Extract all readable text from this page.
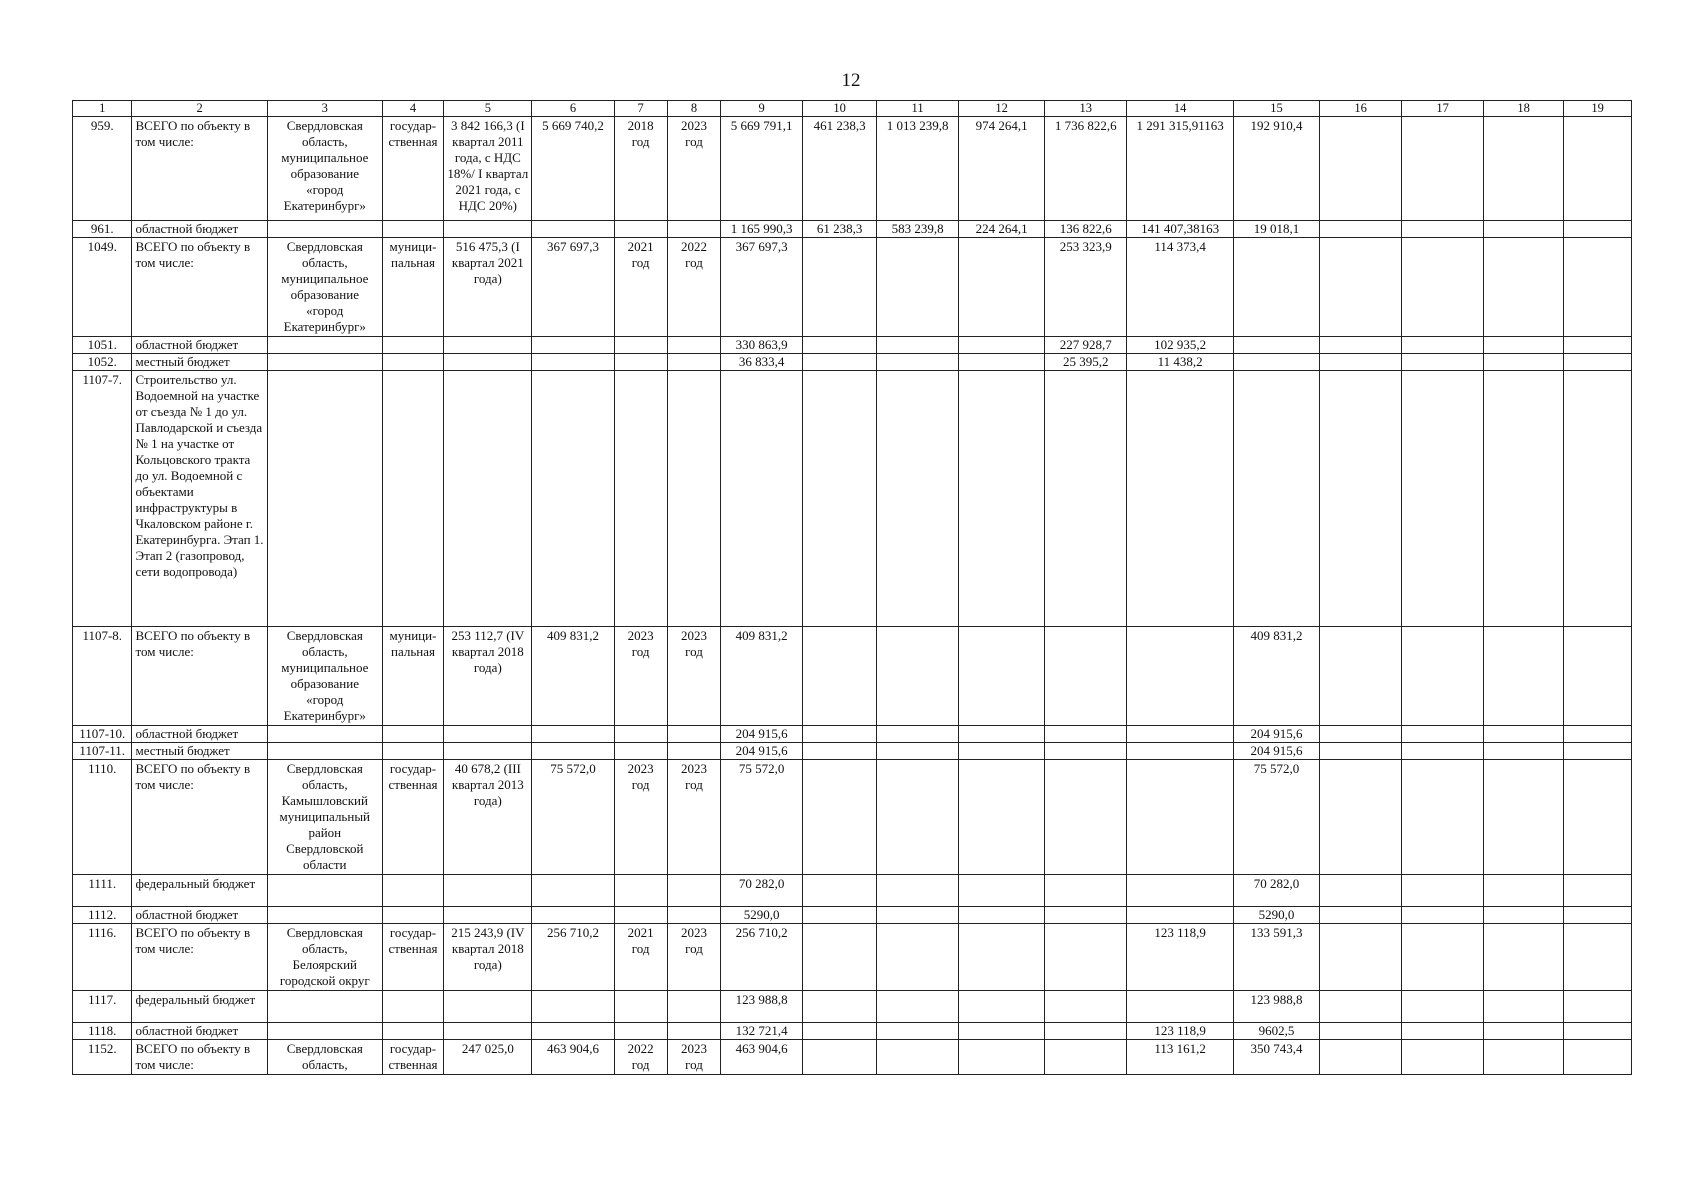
12
1	2	3	4	5	6	7	8	9	10	11	12	13	14	15	16	17	18	19
959.	ВСЕГО по объекту в том числе:	Свердловская область, муниципальное образование «город Екатеринбург»	государ-ственная	3 842 166,3 (I квартал 2011 года, с НДС 18%/ I квартал 2021 года, с НДС 20%)	5 669 740,2	2018 год	2023 год	5 669 791,1	461 238,3	1 013 239,8	974 264,1	1 736 822,6	1 291 315,91163	192 910,4				
961.	областной бюджет							1 165 990,3	61 238,3	583 239,8	224 264,1	136 822,6	141 407,38163	19 018,1				
1049.	ВСЕГО по объекту в том числе:	Свердловская область, муниципальное образование «город Екатеринбург»	муници-пальная	516 475,3 (I квартал 2021 года)	367 697,3	2021 год	2022 год	367 697,3				253 323,9	114 373,4					
1051.	областной бюджет							330 863,9				227 928,7	102 935,2					
1052.	местный бюджет							36 833,4				25 395,2	11 438,2					
1107-7.	Строительство ул. Водоемной на участке от съезда № 1 до ул. Павлодарской и съезда № 1 на участке от Кольцовского тракта до ул. Водоемной с объектами инфраструктуры в Чкаловском районе г. Екатеринбурга. Этап 1. Этап 2 (газопровод, сети водопровода)																	
1107-8.	ВСЕГО по объекту в том числе:	Свердловская область, муниципальное образование «город Екатеринбург»	муници-пальная	253 112,7 (IV квартал 2018 года)	409 831,2	2023 год	2023 год	409 831,2						409 831,2				
1107-10.	областной бюджет							204 915,6						204 915,6				
1107-11.	местный бюджет							204 915,6						204 915,6				
1110.	ВСЕГО по объекту в том числе:	Свердловская область, Камышловский муниципальный район Свердловской области	государ-ственная	40 678,2 (III квартал 2013 года)	75 572,0	2023 год	2023 год	75 572,0						75 572,0				
1111.	федеральный бюджет							70 282,0						70 282,0				
1112.	областной бюджет							5290,0						5290,0				
1116.	ВСЕГО по объекту в том числе:	Свердловская область, Белоярский городской округ	государ-ственная	215 243,9 (IV квартал 2018 года)	256 710,2	2021 год	2023 год	256 710,2					123 118,9	133 591,3				
1117.	федеральный бюджет							123 988,8						123 988,8				
1118.	областной бюджет							132 721,4					123 118,9	9602,5				
1152.	ВСЕГО по объекту в том числе:	Свердловская область,	государ-ственная	247 025,0	463 904,6	2022 год	2023 год	463 904,6					113 161,2	350 743,4				
